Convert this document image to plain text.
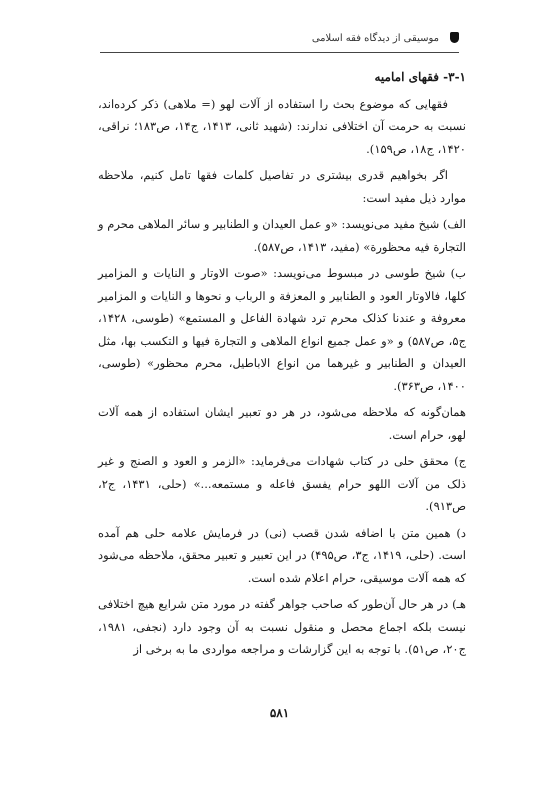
موسیقی از دیدگاه فقه اسلامی

۳-۱- فقهای امامیه

فقهایی که موضوع بحث را استفاده از آلات لهو (= ملاهی) ذکر کرده‌اند، نسبت به حرمت آن اختلافی ندارند: (شهید ثانی، ۱۴۱۳، ج۱۴، ص۱۸۳؛ نراقی، ۱۴۲۰، ج۱۸، ص۱۵۹).

اگر بخواهیم قدری بیشتری در تفاصیل کلمات فقها تامل کنیم، ملاحظه موارد ذیل مفید است:

الف) شیخ مفید می‌نویسد: «و عمل العیدان و الطنابیر و سائر الملاهی محرم و التجارة فیه محظورة» (مفید، ۱۴۱۳، ص۵۸۷).

ب) شیخ طوسی در مبسوط می‌نویسد: «صوت الاوتار و النایات و المزامیر کلها، فالاوتار العود و الطنابیر و المعزفة و الرباب و نحوها و النایات و المزامیر معروفة و عندنا کذلک محرم ترد شهادة الفاعل و المستمع» (طوسی، ۱۴۲۸، ج۵، ص۵۸۷) و «و عمل جمیع انواع الملاهی و التجارة فیها و التکسب بها، مثل العیدان و الطنابیر و غیرهما من انواع الاباطیل، محرم محظور» (طوسی، ۱۴۰۰، ص۳۶۳).

همان‌گونه که ملاحظه می‌شود، در هر دو تعبیر ایشان استفاده از همه آلات لهو، حرام است.

ج) محقق حلی در کتاب شهادات می‌فرماید: «الزمر و العود و الصنج و غیر ذلک من آلات اللهو حرام یفسق فاعله و مستمعه...» (حلی، ۱۴۳۱، ج۲، ص۹۱۳).

د) همین متن با اضافه شدن قصب (نی) در فرمایش علامه حلی هم آمده است. (حلی، ۱۴۱۹، ج۳، ص۴۹۵) در این تعبیر و تعبیر محقق، ملاحظه می‌شود که همه آلات موسیقی، حرام اعلام شده است.

هـ) در هر حال آن‌طور که صاحب جواهر گفته در مورد متن شرایع هیچ اختلافی نیست بلکه اجماع محصل و منقول نسبت به آن وجود دارد (نجفی، ۱۹۸۱، ج۲۰، ص۵۱). با توجه به این گزارشات و مراجعه مواردی ما به برخی از

۵۸۱
